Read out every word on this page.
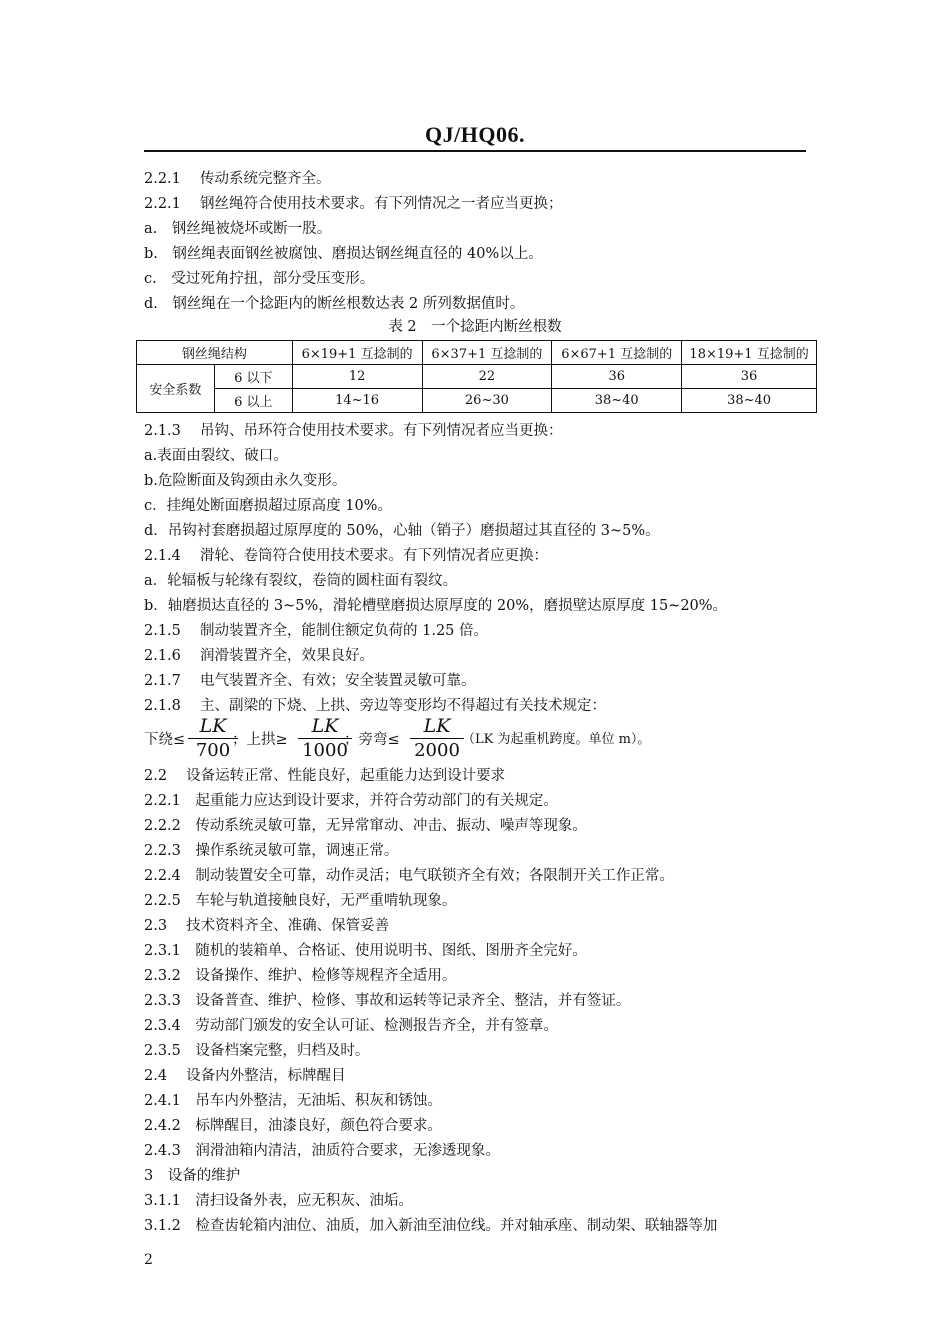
QJ/HQ06.
2.2.1　 传动系统完整齐全。
2.2.1　 钢丝绳符合使用技术要求。有下列情况之一者应当更换；
a.　钢丝绳被烧坏或断一股。
b.　钢丝绳表面钢丝被腐蚀、磨损达钢丝绳直径的 40%以上。
c.　受过死角拧扭，部分受压变形。
d.　钢丝绳在一个捻距内的断丝根数达表 2 所列数据值时。
表 2　一个捻距内断丝根数
钢丝绳结构		6×19+1 互捻制的	6×37+1 互捻制的	6×67+1 互捻制的	18×19+1 互捻制的
安全系数	6 以下	12	22	36	36
	6 以上	14~16	26~30	38~40	38~40
2.1.3　 吊钩、吊环符合使用技术要求。有下列情况者应当更换：
a.表面由裂纹、破口。
b.危险断面及钩颈由永久变形。
c．挂绳处断面磨损超过原高度 10%。
d．吊钩衬套磨损超过原厚度的 50%，心轴（销子）磨损超过其直径的 3~5%。
2.1.4　 滑轮、卷筒符合使用技术要求。有下列情况者应更换：
a．轮辐板与轮缘有裂纹，卷筒的圆柱面有裂纹。
b．轴磨损达直径的 3~5%，滑轮槽壁磨损达原厚度的 20%，磨损壁达原厚度 15~20%。
2.1.5　 制动装置齐全，能制住额定负荷的 1.25 倍。
2.1.6　 润滑装置齐全，效果良好。
2.1.7　 电气装置齐全、有效；安全装置灵敏可靠。
2.1.8　 主、副梁的下烧、上拱、旁边等变形均不得超过有关技术规定：
下绕≤ $\frac{LK}{700}$
；上拱≥ $\frac{LK}{1000}$
；旁弯≤ $\frac{LK}{2000}$
（LK 为起重机跨度。单位 m）。
2.2　 设备运转正常、性能良好，起重能力达到设计要求
2.2.1　起重能力应达到设计要求，并符合劳动部门的有关规定。
2.2.2　传动系统灵敏可靠，无异常窜动、冲击、振动、噪声等现象。
2.2.3　操作系统灵敏可靠，调速正常。
2.2.4　制动装置安全可靠，动作灵活；电气联锁齐全有效；各限制开关工作正常。
2.2.5　车轮与轨道接触良好，无严重啃轨现象。
2.3　 技术资料齐全、准确、保管妥善
2.3.1　随机的装箱单、合格证、使用说明书、图纸、图册齐全完好。
2.3.2　设备操作、维护、检修等规程齐全适用。
2.3.3　设备普查、维护、检修、事故和运转等记录齐全、整洁，并有签证。
2.3.4　劳动部门颁发的安全认可证、检测报告齐全，并有签章。
2.3.5　设备档案完整，归档及时。
2.4　 设备内外整洁，标牌醒目
2.4.1　吊车内外整洁，无油垢、积灰和锈蚀。
2.4.2　标牌醒目，油漆良好，颜色符合要求。
2.4.3　润滑油箱内清洁，油质符合要求，无渗透现象。
3　设备的维护
3.1.1　清扫设备外表，应无积灰、油垢。
3.1.2　检查齿轮箱内油位、油质，加入新油至油位线。并对轴承座、制动架、联轴器等加
2
